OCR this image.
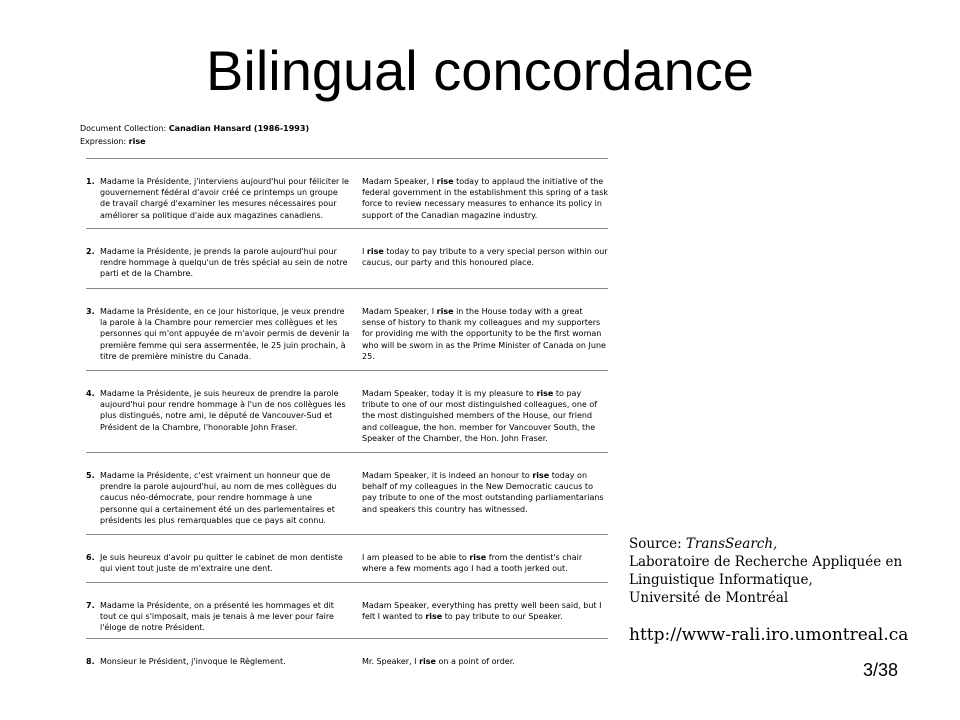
Bilingual concordance
Document Collection: Canadian Hansard (1986-1993)
Expression: rise
1. Madame la Présidente, j'interviens aujourd'hui pour féliciter le gouvernement fédéral d'avoir créé ce printemps un groupe de travail chargé d'examiner les mesures nécessaires pour améliorer sa politique d'aide aux magazines canadiens.
Madam Speaker, I rise today to applaud the initiative of the federal government in the establishment this spring of a task force to review necessary measures to enhance its policy in support of the Canadian magazine industry.
2. Madame la Présidente, je prends la parole aujourd'hui pour rendre hommage à quelqu'un de très spécial au sein de notre parti et de la Chambre.
I rise today to pay tribute to a very special person within our caucus, our party and this honoured place.
3. Madame la Présidente, en ce jour historique, je veux prendre la parole à la Chambre pour remercier mes collègues et les personnes qui m'ont appuyée de m'avoir permis de devenir la première femme qui sera assermentée, le 25 juin prochain, à titre de première ministre du Canada.
Madam Speaker, I rise in the House today with a great sense of history to thank my colleagues and my supporters for providing me with the opportunity to be the first woman who will be sworn in as the Prime Minister of Canada on June 25.
4. Madame la Présidente, je suis heureux de prendre la parole aujourd'hui pour rendre hommage à l'un de nos collègues les plus distingués, notre ami, le député de Vancouver-Sud et Président de la Chambre, l'honorable John Fraser.
Madam Speaker, today it is my pleasure to rise to pay tribute to one of our most distinguished colleagues, one of the most distinguished members of the House, our friend and colleague, the hon. member for Vancouver South, the Speaker of the Chamber, the Hon. John Fraser.
5. Madame la Présidente, c'est vraiment un honneur que de prendre la parole aujourd'hui, au nom de mes collègues du caucus néo-démocrate, pour rendre hommage à une personne qui a certainement été un des parlementaires et présidents les plus remarquables que ce pays ait connu.
Madam Speaker, it is indeed an honour to rise today on behalf of my colleagues in the New Democratic caucus to pay tribute to one of the most outstanding parliamentarians and speakers this country has witnessed.
6. Je suis heureux d'avoir pu quitter le cabinet de mon dentiste qui vient tout juste de m'extraire une dent.
I am pleased to be able to rise from the dentist's chair where a few moments ago I had a tooth jerked out.
7. Madame la Présidente, on a présenté les hommages et dit tout ce qui s'imposait, mais je tenais à me lever pour faire l'éloge de notre Président.
Madam Speaker, everything has pretty well been said, but I felt I wanted to rise to pay tribute to our Speaker.
8. Monsieur le Président, j'invoque le Règlement.	Mr. Speaker, I rise on a point of order.
Source: TransSearch,
Laboratoire de Recherche Appliquée en
Linguistique Informatique,
Université de Montréal
http://www-rali.iro.umontreal.ca
3/38
